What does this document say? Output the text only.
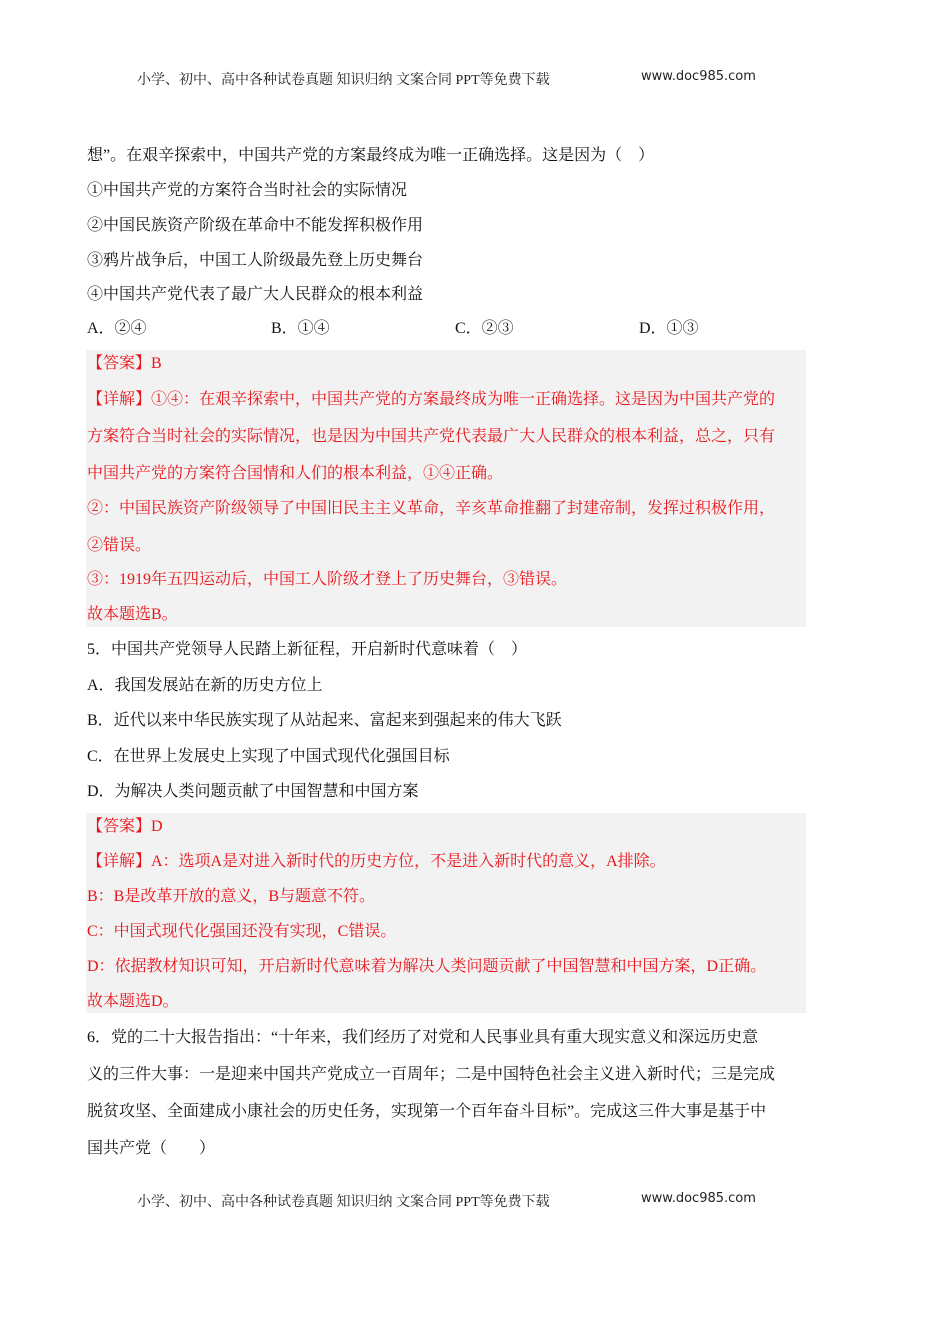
小学、初中、高中各种试卷真题 知识归纳 文案合同 PPT等免费下载	www.doc985.com
想”。在艰辛探索中，中国共产党的方案最终成为唯一正确选择。这是因为（　）
①中国共产党的方案符合当时社会的实际情况
②中国民族资产阶级在革命中不能发挥积极作用
③鸦片战争后，中国工人阶级最先登上历史舞台
④中国共产党代表了最广大人民群众的根本利益
A．②④	B．①④	C．②③	D．①③
【答案】B
【详解】①④：在艰辛探索中，中国共产党的方案最终成为唯一正确选择。这是因为中国共产党的
方案符合当时社会的实际情况，也是因为中国共产党代表最广大人民群众的根本利益，总之，只有
中国共产党的方案符合国情和人们的根本利益，①④正确。
②：中国民族资产阶级领导了中国旧民主主义革命，辛亥革命推翻了封建帝制，发挥过积极作用，
②错误。
③：1919年五四运动后，中国工人阶级才登上了历史舞台，③错误。
故本题选B。
5．中国共产党领导人民踏上新征程，开启新时代意味着（　）
A．我国发展站在新的历史方位上
B．近代以来中华民族实现了从站起来、富起来到强起来的伟大飞跃
C．在世界上发展史上实现了中国式现代化强国目标
D．为解决人类问题贡献了中国智慧和中国方案
【答案】D
【详解】A：选项A是对进入新时代的历史方位，不是进入新时代的意义，A排除。
B：B是改革开放的意义，B与题意不符。
C：中国式现代化强国还没有实现，C错误。
D：依据教材知识可知，开启新时代意味着为解决人类问题贡献了中国智慧和中国方案，D正确。
故本题选D。
6．党的二十大报告指出：“十年来，我们经历了对党和人民事业具有重大现实意义和深远历史意
义的三件大事：一是迎来中国共产党成立一百周年；二是中国特色社会主义进入新时代；三是完成
脱贫攻坚、全面建成小康社会的历史任务，实现第一个百年奋斗目标”。完成这三件大事是基于中
国共产党（　　）
小学、初中、高中各种试卷真题 知识归纳 文案合同 PPT等免费下载	www.doc985.com
